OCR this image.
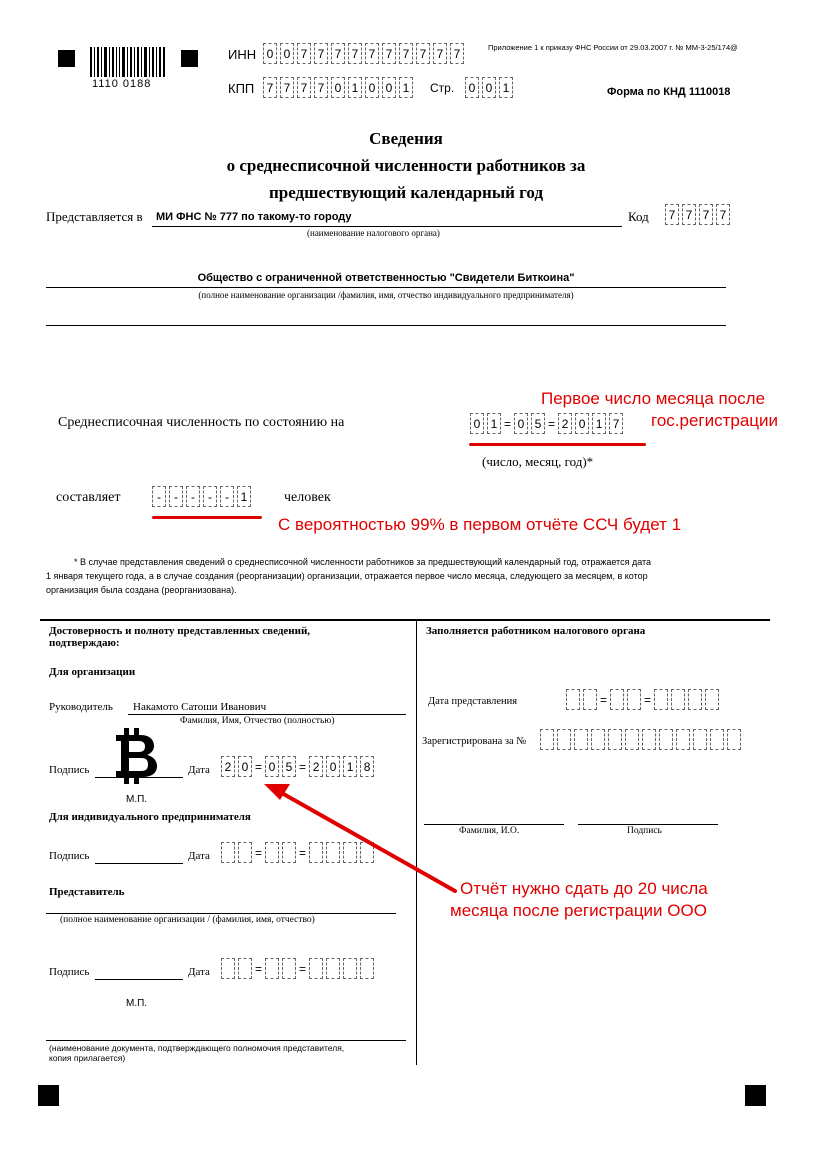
1110 0188
ИНН 0 0 7 7 7 7 7 7 7 7 7 7	Приложение 1 к приказу ФНС России от 29.03.2007 г. № ММ-3-25/174@
КПП	7 7 7 7 0 1 0 0 1	Стр.	0 0 1	Форма по КНД 1110018
Сведения
о среднесписочной численности работников за
предшествующий календарный год
Представляется в МИ ФНС № 777 по такому-то городу
(наименование налогового органа)
Код	7 7 7 7
Общество с ограниченной ответственностью "Свидетели Биткоина"
(полное наименование организации /фамилия, имя, отчество индивидуального предпринимателя)
Первое число месяца после
гос.регистрации
Среднесписочная численность по состоянию на	0 1 = 0 5 = 2 0 1 7
(число, месяц, год)*
составляет	-	-	-	-	- 1	человек
С вероятностью 99% в первом отчёте ССЧ будет 1
* В случае представления сведений о среднесписочной численности работников за предшествующий календарный год, отражается дата
1 января текущего года, а в случае создания (реорганизации) организации, отражается первое число месяца, следующего за месяцем, в котор
организация была создана (реорганизована).
Достоверность и полноту представленных сведений, подтверждаю:
Для организации
Руководитель Накамото Сатоши Иванович
Фамилия, Имя, Отчество (полностью)
Подпись	Дата	2 0 = 0 5 = 2 0 1 8
М.П.
Для индивидуального предпринимателя
Подпись	Дата	=	=
Представитель
(полное наименование организации / (фамилия, имя, отчество)
Подпись	Дата	=	=
М.П.
(наименование документа, подтверждающего полномочия представителя,
копия прилагается)
Заполняется работником налогового органа
Дата представления	=	=
Зарегистрирована за №
Фамилия, И.О.	Подпись
Отчёт нужно сдать до 20 числа
месяца после регистрации ООО
